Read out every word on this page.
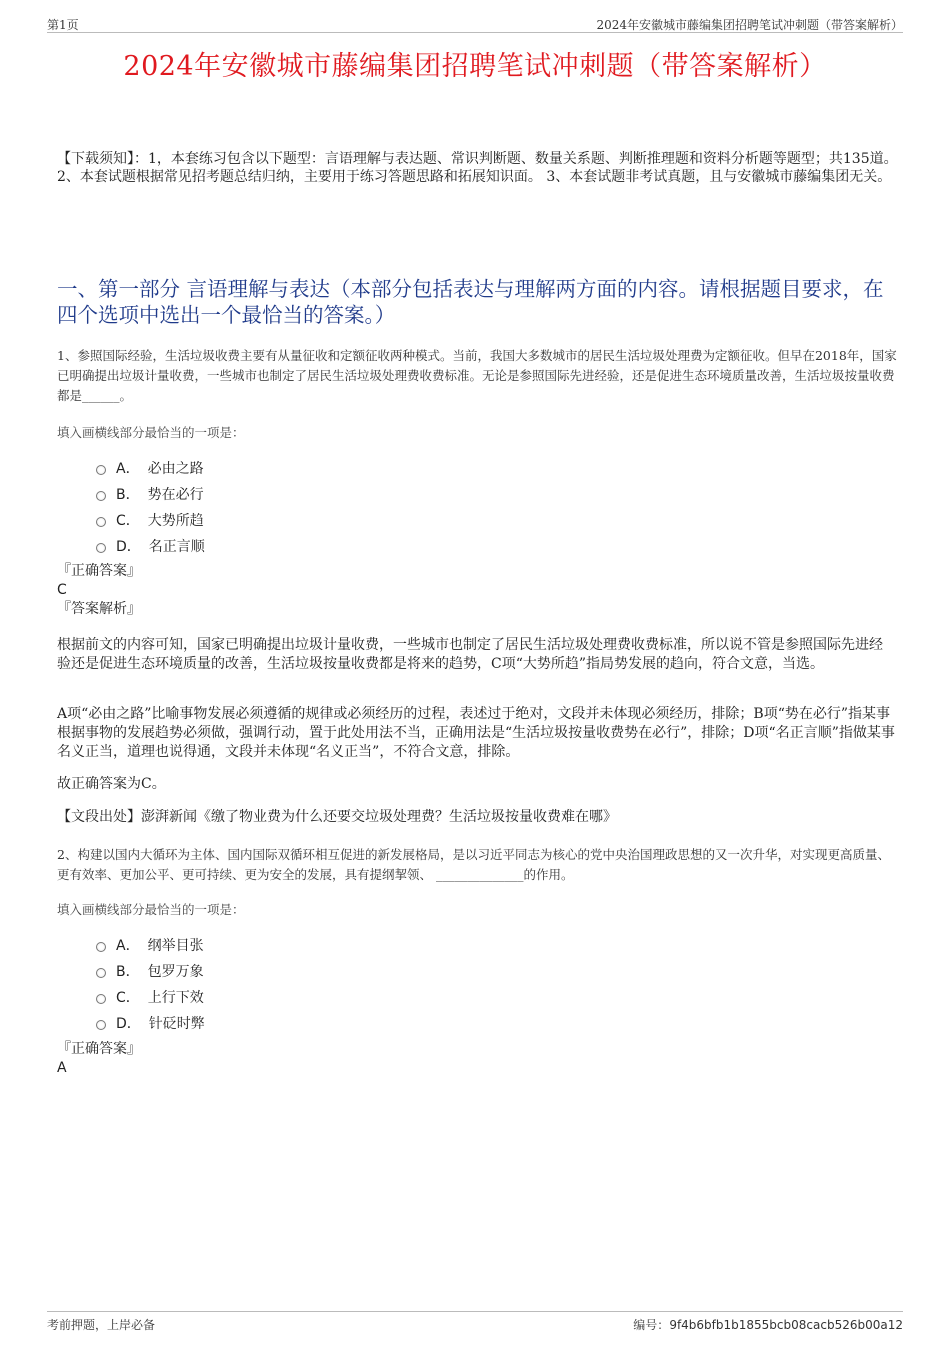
第1页	2024年安徽城市藤编集团招聘笔试冲刺题（带答案解析）
2024年安徽城市藤编集团招聘笔试冲刺题（带答案解析）
【下载须知】：1，本套练习包含以下题型：言语理解与表达题、常识判断题、数量关系题、判断推理题和资料分析题等题型；共135道。 2、本套试题根据常见招考题总结归纳，主要用于练习答题思路和拓展知识面。 3、本套试题非考试真题，且与安徽城市藤编集团无关。
一、第一部分 言语理解与表达（本部分包括表达与理解两方面的内容。请根据题目要求，在四个选项中选出一个最恰当的答案。）
1、参照国际经验，生活垃圾收费主要有从量征收和定额征收两种模式。当前，我国大多数城市的居民生活垃圾处理费为定额征收。但早在2018年，国家已明确提出垃圾计量收费，一些城市也制定了居民生活垃圾处理费收费标准。无论是参照国际先进经验，还是促进生态环境质量改善，生活垃圾按量收费都是______。
填入画横线部分最恰当的一项是：
A． 必由之路
B． 势在必行
C． 大势所趋
D． 名正言顺
『正确答案』
C
『答案解析』
根据前文的内容可知，国家已明确提出垃圾计量收费，一些城市也制定了居民生活垃圾处理费收费标准，所以说不管是参照国际先进经验还是促进生态环境质量的改善，生活垃圾按量收费都是将来的趋势，C项“大势所趋”指局势发展的趋向，符合文意，当选。
A项“必由之路”比喻事物发展必须遵循的规律或必须经历的过程，表述过于绝对，文段并未体现必须经历，排除；B项“势在必行”指某事根据事物的发展趋势必须做，强调行动，置于此处用法不当，正确用法是“生活垃圾按量收费势在必行”，排除；D项“名正言顺”指做某事名义正当，道理也说得通，文段并未体现“名义正当”，不符合文意，排除。
故正确答案为C。
【文段出处】澎湃新闻《缴了物业费为什么还要交垃圾处理费？生活垃圾按量收费难在哪》
2、构建以国内大循环为主体、国内国际双循环相互促进的新发展格局，是以习近平同志为核心的党中央治国理政思想的又一次升华，对实现更高质量、更有效率、更加公平、更可持续、更为安全的发展，具有提纲挈领、 ______________的作用。
填入画横线部分最恰当的一项是：
A． 纲举目张
B． 包罗万象
C． 上行下效
D． 针砭时弊
『正确答案』
A
考前押题，上岸必备	编号：9f4b6bfb1b1855bcb08cacb526b00a12
